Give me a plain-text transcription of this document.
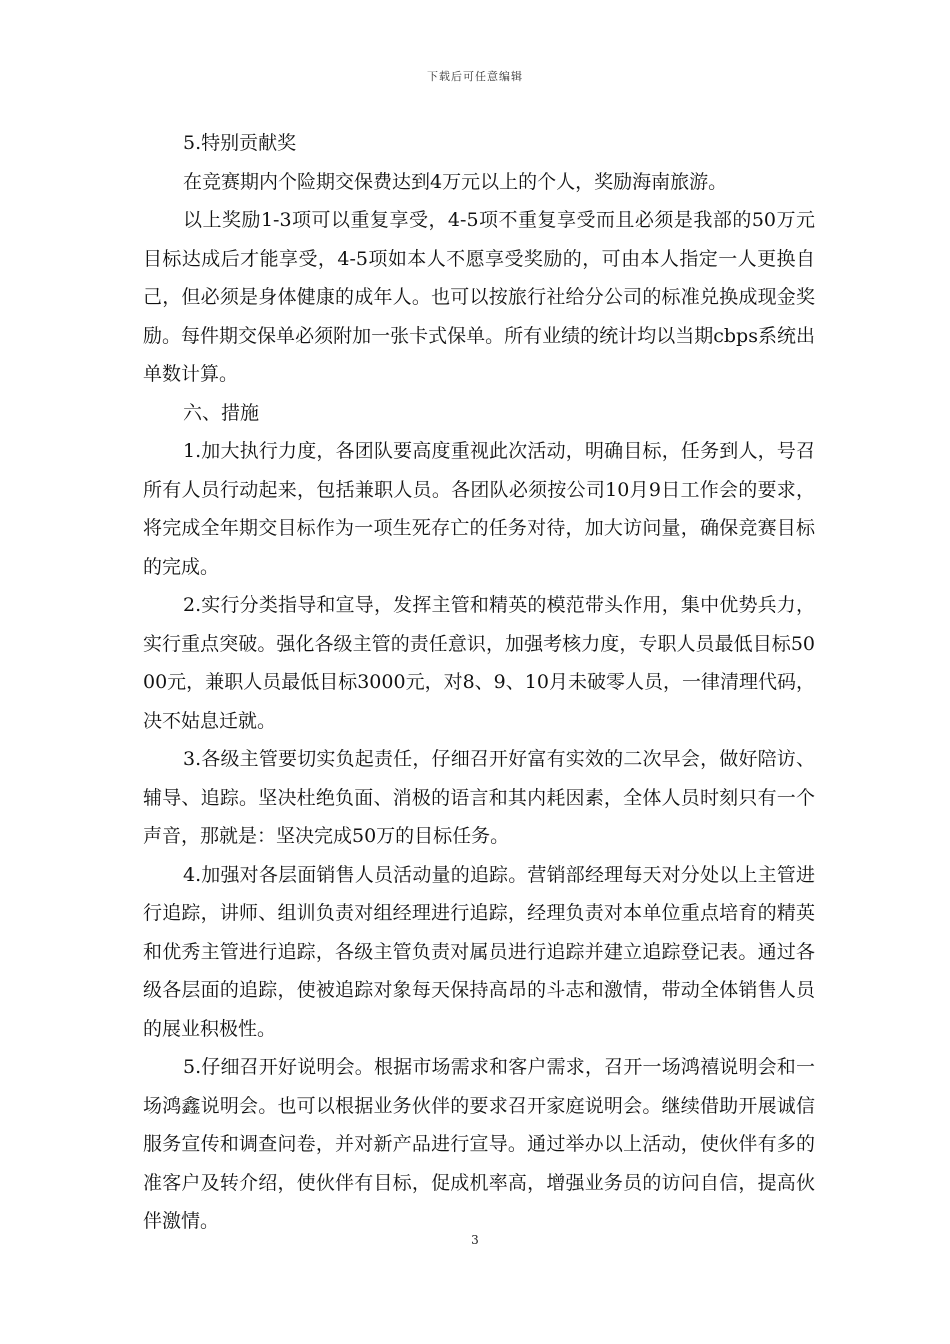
下载后可任意编辑

5.特别贡献奖

在竞赛期内个险期交保费达到4万元以上的个人，奖励海南旅游。

以上奖励1-3项可以重复享受，4-5项不重复享受而且必须是我部的50万元目标达成后才能享受，4-5项如本人不愿享受奖励的，可由本人指定一人更换自己，但必须是身体健康的成年人。也可以按旅行社给分公司的标准兑换成现金奖励。每件期交保单必须附加一张卡式保单。所有业绩的统计均以当期cbps系统出单数计算。

六、措施

1.加大执行力度，各团队要高度重视此次活动，明确目标，任务到人，号召所有人员行动起来，包括兼职人员。各团队必须按公司10月9日工作会的要求，将完成全年期交目标作为一项生死存亡的任务对待，加大访问量，确保竞赛目标的完成。

2.实行分类指导和宣导，发挥主管和精英的模范带头作用，集中优势兵力，实行重点突破。强化各级主管的责任意识，加强考核力度，专职人员最低目标5000元，兼职人员最低目标3000元，对8、9、10月未破零人员，一律清理代码，决不姑息迁就。

3.各级主管要切实负起责任，仔细召开好富有实效的二次早会，做好陪访、辅导、追踪。坚决杜绝负面、消极的语言和其内耗因素，全体人员时刻只有一个声音，那就是：坚决完成50万的目标任务。

4.加强对各层面销售人员活动量的追踪。营销部经理每天对分处以上主管进行追踪，讲师、组训负责对组经理进行追踪，经理负责对本单位重点培育的精英和优秀主管进行追踪，各级主管负责对属员进行追踪并建立追踪登记表。通过各级各层面的追踪，使被追踪对象每天保持高昂的斗志和激情，带动全体销售人员的展业积极性。

5.仔细召开好说明会。根据市场需求和客户需求，召开一场鸿禧说明会和一场鸿鑫说明会。也可以根据业务伙伴的要求召开家庭说明会。继续借助开展诚信服务宣传和调查问卷，并对新产品进行宣导。通过举办以上活动，使伙伴有多的准客户及转介绍，使伙伴有目标，促成机率高，增强业务员的访问自信，提高伙伴激情。

3
